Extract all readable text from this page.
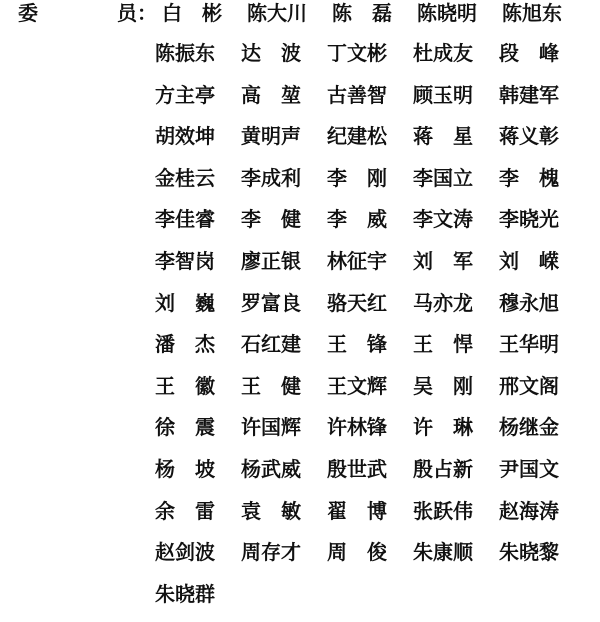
委	员： 白　彬	陈大川	陈　磊	陈晓明	陈旭东
陈振东	达　波	丁文彬	杜成友	段　峰
方主亭	高　堃	古善智	顾玉明	韩建军
胡效坤	黄明声	纪建松	蒋　星	蒋义彰
金桂云	李成利	李　刚	李国立	李　槐
李佳睿	李　健	李　威	李文涛	李晓光
李智岗	廖正银	林征宇	刘　军	刘　嵘
刘　巍	罗富良	骆天红	马亦龙	穆永旭
潘　杰	石红建	王　锋	王　悍	王华明
王　徽	王　健	王文辉	吴　刚	邢文阁
徐　震	许国辉	许林锋	许　琳	杨继金
杨　坡	杨武威	殷世武	殷占新	尹国文
余　雷	袁　敏	翟　博	张跃伟	赵海涛
赵剑波	周存才	周　俊	朱康顺	朱晓黎
朱晓群
